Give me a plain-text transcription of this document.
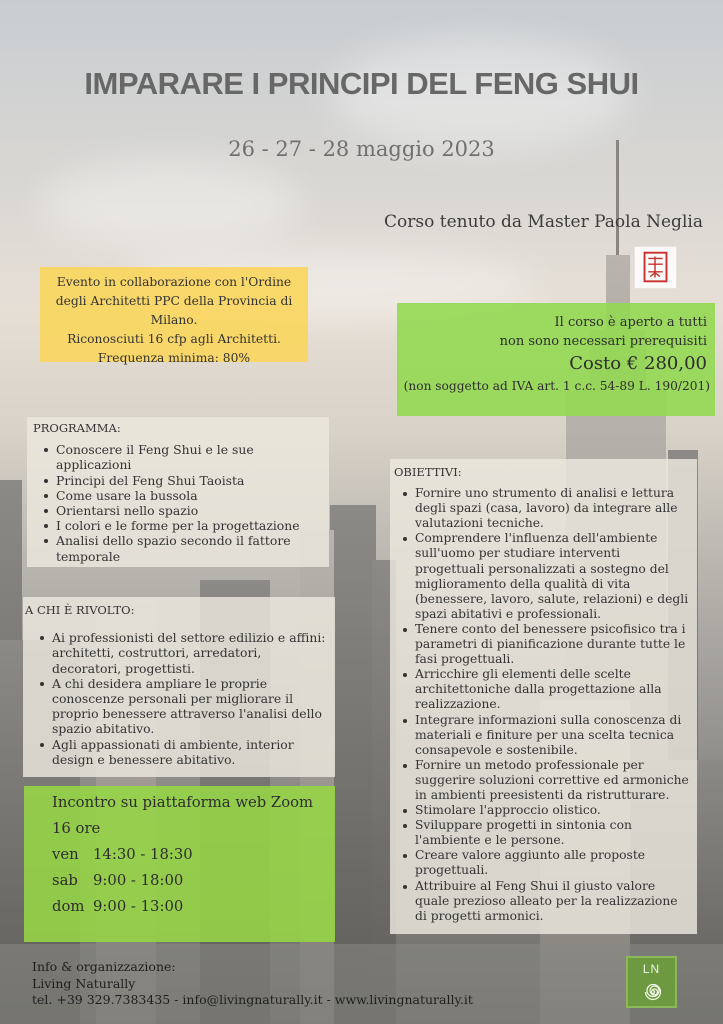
IMPARARE I PRINCIPI DEL FENG SHUI
26 - 27 - 28 maggio 2023
Corso tenuto da Master Paola Neglia
Evento in collaborazione con l'Ordine
degli Architetti PPC della Provincia di Milano.
Riconosciuti 16 cfp agli Architetti.
Frequenza minima: 80%
Il corso è aperto a tutti
non sono necessari prerequisiti
Costo € 280,00
(non soggetto ad IVA art. 1 c.c. 54-89 L. 190/201)
PROGRAMMA:
Conoscere il Feng Shui e le sue applicazioni
Principi del Feng Shui Taoista
Come usare la bussola
Orientarsi nello spazio
I colori e le forme per la progettazione
Analisi dello spazio secondo il fattore temporale
A CHI È RIVOLTO:
Ai professionisti del settore edilizio e affini: architetti, costruttori, arredatori, decoratori, progettisti.
A chi desidera ampliare le proprie conoscenze personali per migliorare il proprio benessere attraverso l'analisi dello spazio abitativo.
Agli appassionati di ambiente, interior design e benessere abitativo.
OBIETTIVI:
Fornire uno strumento di analisi e lettura degli spazi (casa, lavoro) da integrare alle valutazioni tecniche.
Comprendere l'influenza dell'ambiente sull'uomo per studiare interventi progettuali personalizzati a sostegno del miglioramento della qualità di vita (benessere, lavoro, salute, relazioni) e degli spazi abitativi e professionali.
Tenere conto del benessere psicofisico tra i parametri di pianificazione durante tutte le fasi progettuali.
Arricchire gli elementi delle scelte architettoniche dalla progettazione alla realizzazione.
Integrare informazioni sulla conoscenza di materiali e finiture per una scelta tecnica consapevole e sostenibile.
Fornire un metodo professionale per suggerire soluzioni correttive ed armoniche in ambienti preesistenti da ristrutturare.
Stimolare l'approccio olistico.
Sviluppare progetti in sintonia con l'ambiente e le persone.
Creare valore aggiunto alle proposte progettuali.
Attribuire al Feng Shui il giusto valore quale prezioso alleato per la realizzazione di progetti armonici.
Incontro su piattaforma web Zoom
16 ore
ven 14:30 - 18:30
sab	9:00 - 18:00
dom 9:00 - 13:00
Info & organizzazione:
Living Naturally
tel. +39 329.7383435 - info@livingnaturally.it - www.livingnaturally.it
LN
